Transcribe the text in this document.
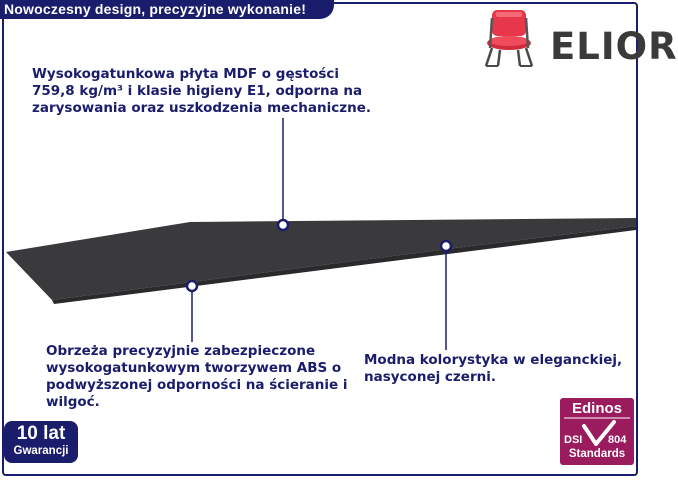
Nowoczesny design, precyzyjne wykonanie!
ELIOR
Wysokogatunkowa płyta MDF o gęstości 759,8 kg/m³ i klasie higieny E1, odporna na zarysowania oraz uszkodzenia mechaniczne.
Obrzeża precyzyjnie zabezpieczone wysokogatunkowym tworzywem ABS o podwyższonej odporności na ścieranie i wilgoć.
Modna kolorystyka w eleganckiej, nasyconej czerni.
10 lat
Gwarancji
Edinos
DSI 804
Standards
